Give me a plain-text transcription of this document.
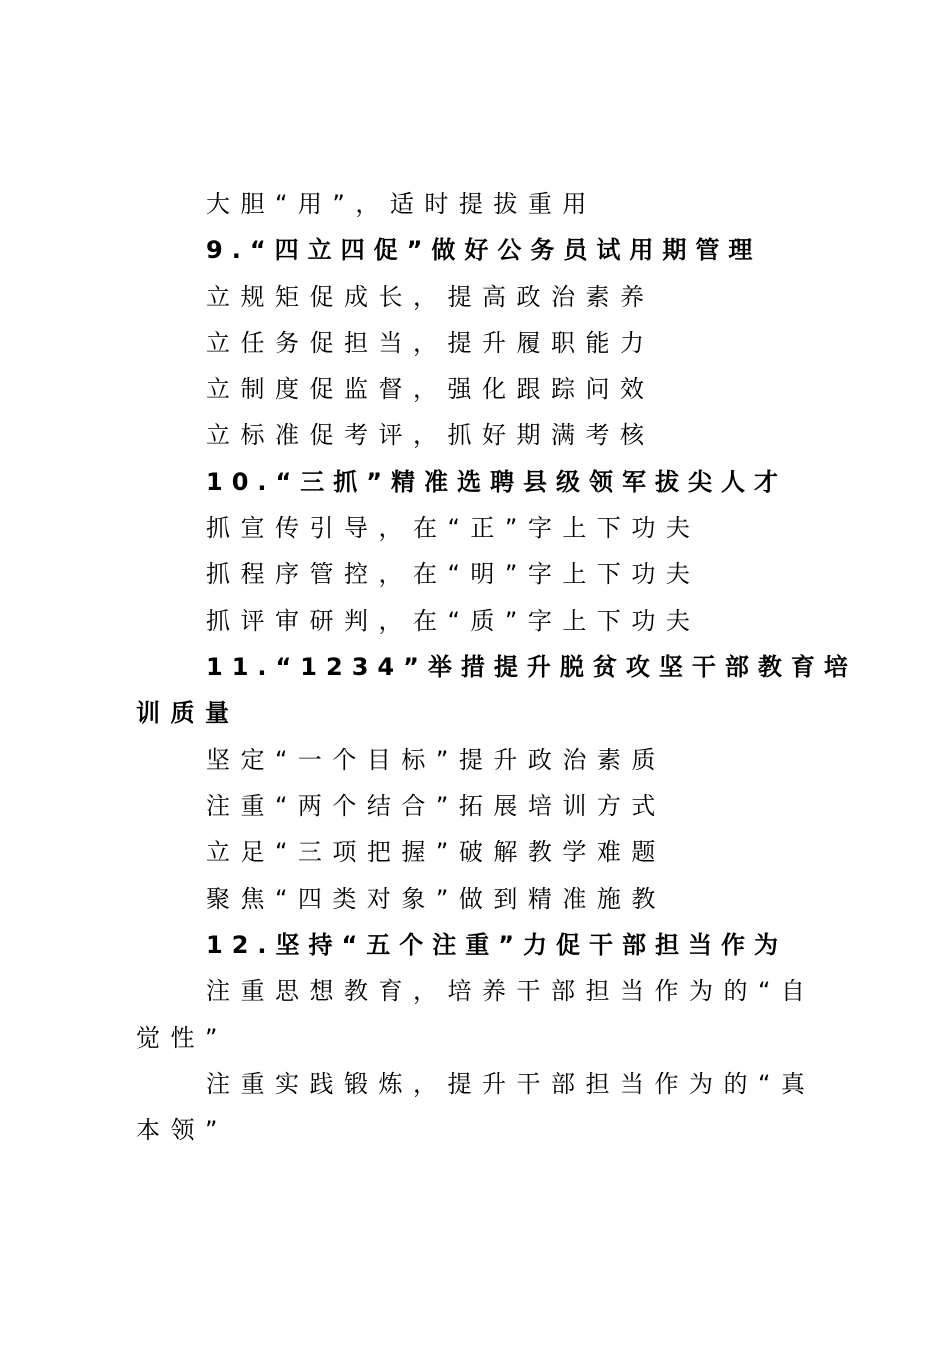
大胆“用”，适时提拔重用
9.“四立四促”做好公务员试用期管理
立规矩促成长，提高政治素养
立任务促担当，提升履职能力
立制度促监督，强化跟踪问效
立标准促考评，抓好期满考核
10.“三抓”精准选聘县级领军拔尖人才
抓宣传引导，在“正”字上下功夫
抓程序管控，在“明”字上下功夫
抓评审研判，在“质”字上下功夫
11.“1234”举措提升脱贫攻坚干部教育培
训质量
坚定“一个目标”提升政治素质
注重“两个结合”拓展培训方式
立足“三项把握”破解教学难题
聚焦“四类对象”做到精准施教
12.坚持“五个注重”力促干部担当作为
注重思想教育，培养干部担当作为的“自
觉性”
注重实践锻炼，提升干部担当作为的“真
本领”
